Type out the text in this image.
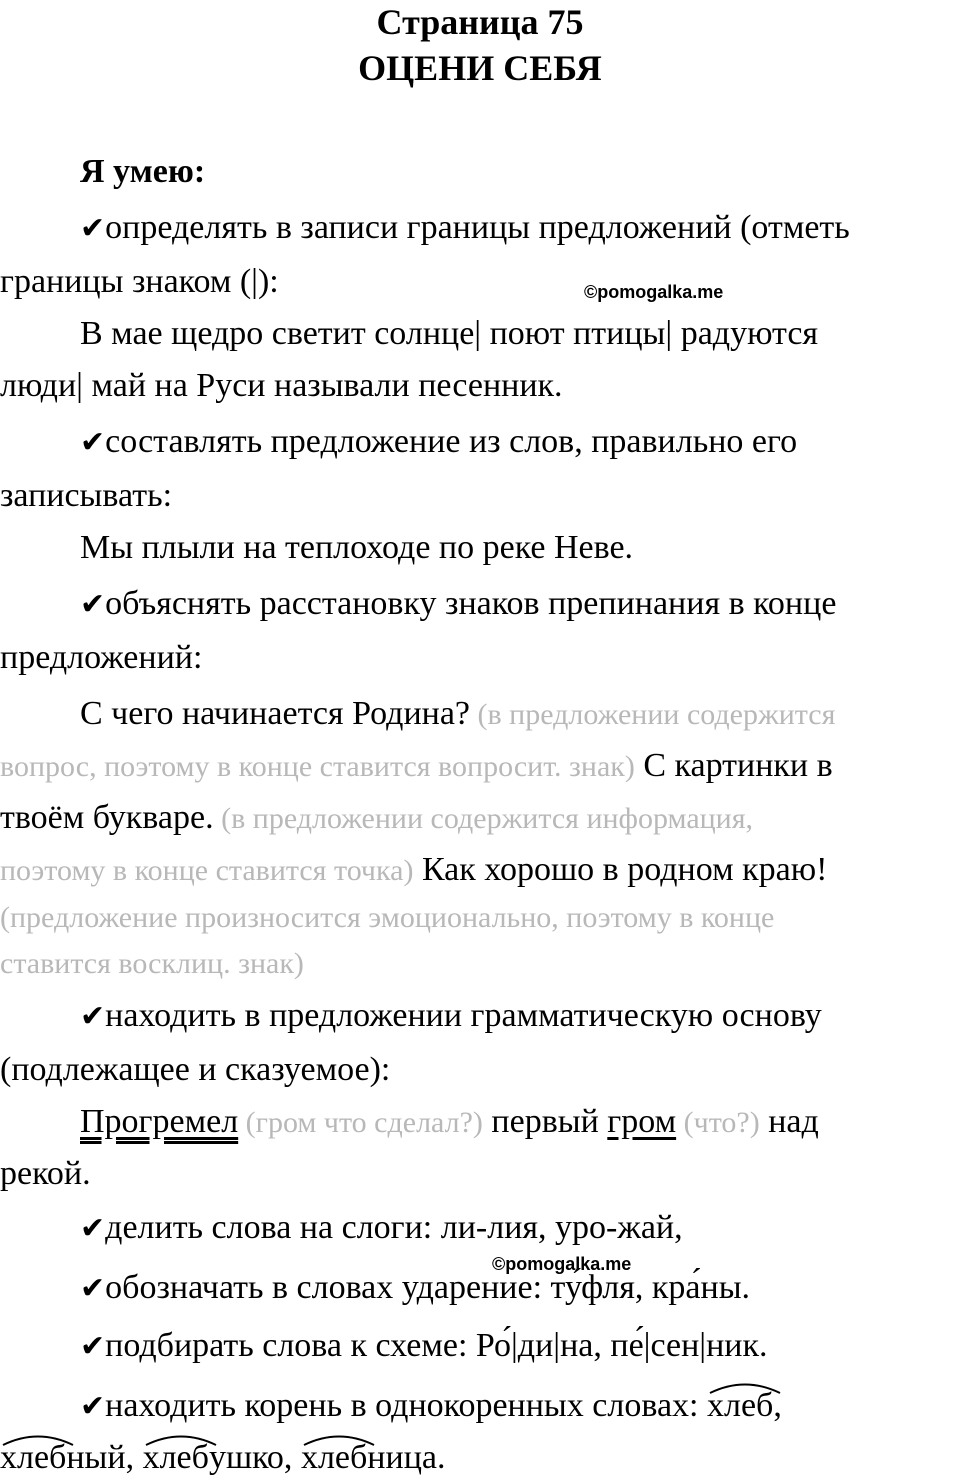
Страница 75
ОЦЕНИ СЕБЯ
Я умею:
✔определять в записи границы предложений (отметь
границы знаком (|):	©pomogalka.me
В мае щедро светит солнце| поют птицы| радуются
люди| май на Руси называли песенник.
✔составлять предложение из слов, правильно его
записывать:
Мы плыли на теплоходе по реке Неве.
✔объяснять расстановку знаков препинания в конце
предложений:
С чего начинается Родина? (в предложении содержится
вопрос, поэтому в конце ставится вопросит. знак) С картинки в
твоём букваре. (в предложении содержится информация,
поэтому в конце ставится точка) Как хорошо в родном краю!
(предложение произносится эмоционально, поэтому в конце
ставится восклиц. знак)
✔находить в предложении грамматическую основу
(подлежащее и сказуемое):
Прогремел (гром что сделал?) первый гром (что?) над
рекой.
✔делить слова на слоги: ли-лия, уро-жай,
©pomogalka.me
✔обозначать в словах ударение: ту́фля, кра́ны.
✔подбирать слова к схеме: Ро́|ди|на, пе́|сен|ник.
✔находить корень в однокоренных словах:
хлеб,
хлебный,
хлебушко,
хлебница.
